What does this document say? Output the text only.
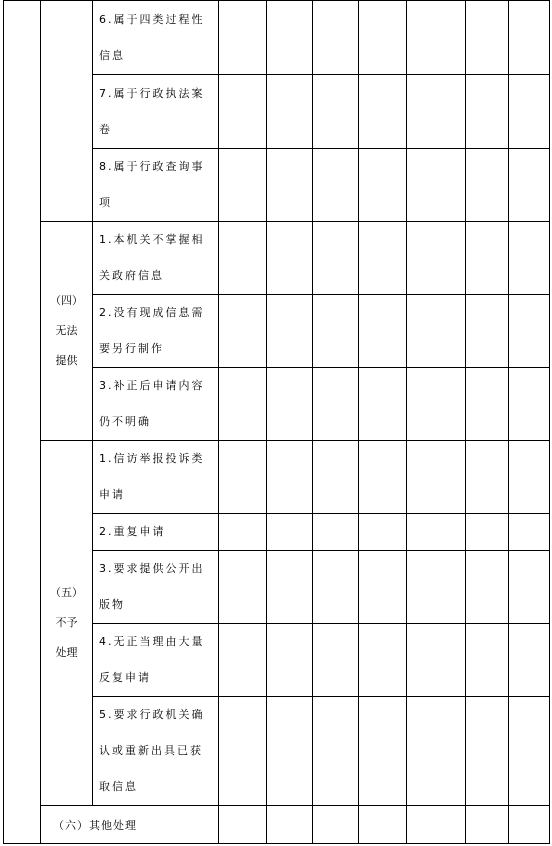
		6.属于四类过程性
信息							

		7.属于行政执法案
卷							

		8.属于行政查询事
项							

	（四）
无法
提供	1.本机关不掌握相
关政府信息							

		2.没有现成信息需
要另行制作							

		3.补正后申请内容
仍不明确							

	（五）
不予
处理	1.信访举报投诉类
申请							

		2.重复申请							

		3.要求提供公开出
版物							

		4.无正当理由大量
反复申请							

		5.要求行政机关确
认或重新出具已获
取信息							

	（六）其他处理								
